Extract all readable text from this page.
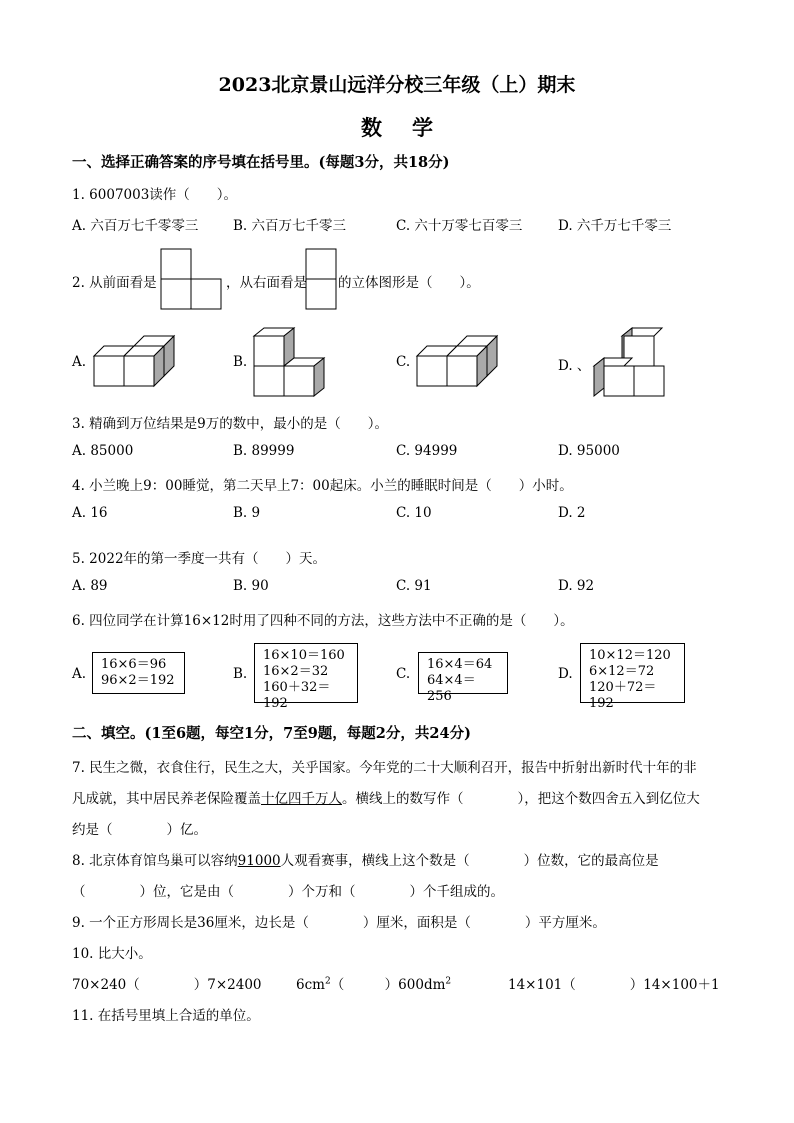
2023北京景山远洋分校三年级（上）期末
数学
一、选择正确答案的序号填在括号里。(每题3分，共18分)
1. 6007003读作（　　）。
A. 六百万七千零零三	B. 六百万七千零三	C. 六十万零七百零三	D. 六千万七千零三
2. 从前面看是	，从右面看是 的立体图形是（　　）。
A.	B.	C.	D. 、
3. 精确到万位结果是9万的数中，最小的是（　　）。
A. 85000	B. 89999	C. 94999	D. 95000
4. 小兰晚上9：00睡觉，第二天早上7：00起床。小兰的睡眠时间是（　　）小时。
A. 16	B. 9	C. 10	D. 2
5. 2022年的第一季度一共有（　　）天。
A. 89	B. 90	C. 91	D. 92
6. 四位同学在计算16×12时用了四种不同的方法，这些方法中不正确的是（　　）。
A.
16×6＝96
96×2＝192	B.
16×10＝160
16×2＝32
160＋32＝192
C.
16×4＝64
64×4＝256
D.
10×12＝120
6×12＝72
120＋72＝192
二、填空。(1至6题，每空1分，7至9题，每题2分，共24分)
7. 民生之微，衣食住行，民生之大，关乎国家。今年党的二十大顺利召开，报告中折射出新时代十年的非
凡成就，其中居民养老保险覆盖十亿四千万人。横线上的数写作（　　　　），把这个数四舍五入到亿位大
约是（　　　　）亿。
8. 北京体育馆鸟巢可以容纳91000人观看赛事，横线上这个数是（　　　　）位数，它的最高位是
（　　　　）位，它是由（　　　　）个万和（　　　　）个千组成的。
9. 一个正方形周长是36厘米，边长是（　　　　）厘米，面积是（　　　　）平方厘米。
10. 比大小。
70×240（　　　　）7×2400	$6cm^2$（　　　）$600dm^2$	14×101（　　　　）14×100＋1
11. 在括号里填上合适的单位。
